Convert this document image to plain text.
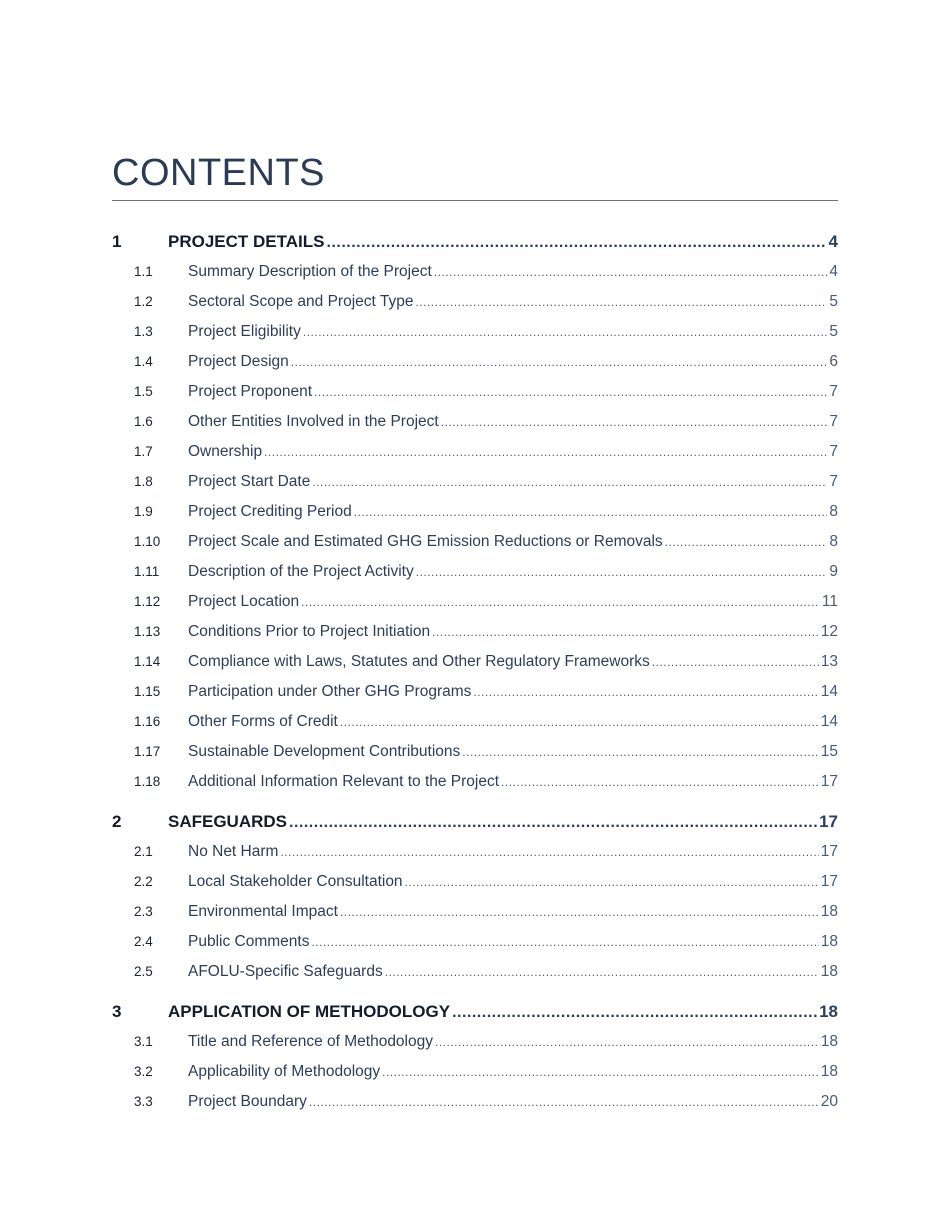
CONTENTS
1	PROJECT DETAILS .....	4
1.1	Summary Description of the Project .....	4
1.2	Sectoral Scope and Project Type .....	5
1.3	Project Eligibility .....	5
1.4	Project Design .....	6
1.5	Project Proponent .....	7
1.6	Other Entities Involved in the Project .....	7
1.7	Ownership .....	7
1.8	Project Start Date .....	7
1.9	Project Crediting Period .....	8
1.10	Project Scale and Estimated GHG Emission Reductions or Removals .....	8
1.11	Description of the Project Activity .....	9
1.12	Project Location .....	11
1.13	Conditions Prior to Project Initiation .....	12
1.14	Compliance with Laws, Statutes and Other Regulatory Frameworks .....	13
1.15	Participation under Other GHG Programs .....	14
1.16	Other Forms of Credit .....	14
1.17	Sustainable Development Contributions .....	15
1.18	Additional Information Relevant to the Project .....	17
2	SAFEGUARDS .....	17
2.1	No Net Harm .....	17
2.2	Local Stakeholder Consultation .....	17
2.3	Environmental Impact .....	18
2.4	Public Comments .....	18
2.5	AFOLU-Specific Safeguards .....	18
3	APPLICATION OF METHODOLOGY .....	18
3.1	Title and Reference of Methodology .....	18
3.2	Applicability of Methodology .....	18
3.3	Project Boundary .....	20
